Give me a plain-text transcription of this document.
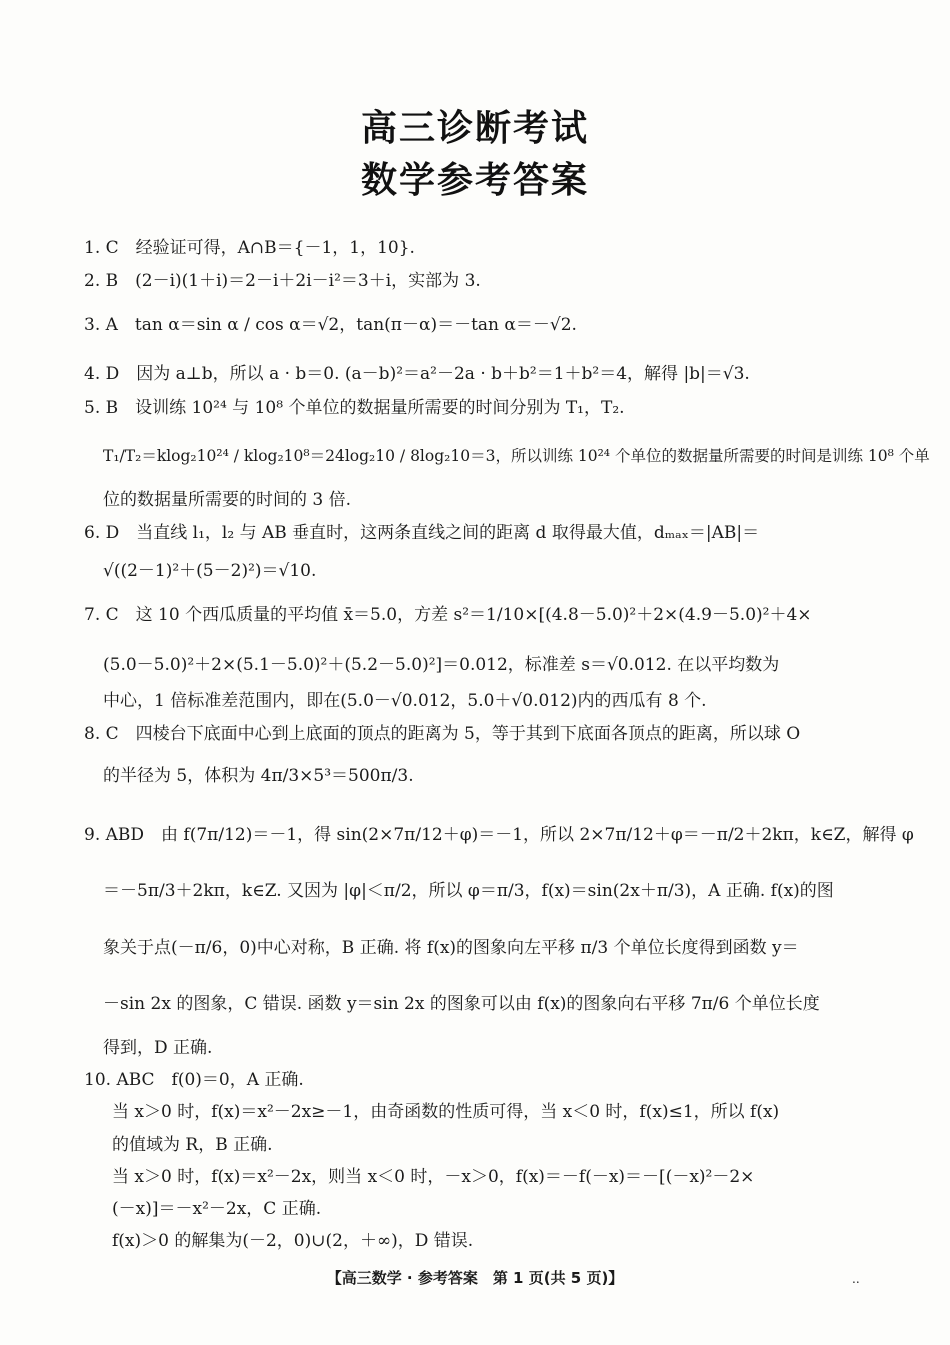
高三诊断考试
数学参考答案
1. C　经验证可得，A∩B＝{－1，1，10}.
2. B　(2－i)(1＋i)＝2－i＋2i－i²＝3＋i，实部为 3.
3. A　tan α＝sin α / cos α＝√2，tan(π－α)＝－tan α＝－√2.
4. D　因为 a⊥b，所以 a · b＝0. (a－b)²＝a²－2a · b＋b²＝1＋b²＝4，解得 |b|＝√3.
5. B　设训练 10²⁴ 与 10⁸ 个单位的数据量所需要的时间分别为 T₁，T₂.
T₁/T₂＝klog₂10²⁴ / klog₂10⁸＝24log₂10 / 8log₂10＝3，所以训练 10²⁴ 个单位的数据量所需要的时间是训练 10⁸ 个单
位的数据量所需要的时间的 3 倍.
6. D　当直线 l₁，l₂ 与 AB 垂直时，这两条直线之间的距离 d 取得最大值，dₘₐₓ＝|AB|＝
√((2－1)²＋(5－2)²)＝√10.
7. C　这 10 个西瓜质量的平均值 x̄＝5.0，方差 s²＝1/10×[(4.8－5.0)²＋2×(4.9－5.0)²＋4×
(5.0－5.0)²＋2×(5.1－5.0)²＋(5.2－5.0)²]＝0.012，标准差 s＝√0.012. 在以平均数为
中心，1 倍标准差范围内，即在(5.0－√0.012，5.0＋√0.012)内的西瓜有 8 个.
8. C　四棱台下底面中心到上底面的顶点的距离为 5，等于其到下底面各顶点的距离，所以球 O
的半径为 5，体积为 4π/3×5³＝500π/3.
9. ABD　由 f(7π/12)＝－1，得 sin(2×7π/12＋φ)＝－1，所以 2×7π/12＋φ＝－π/2＋2kπ，k∈Z，解得 φ
＝－5π/3＋2kπ，k∈Z. 又因为 |φ|＜π/2，所以 φ＝π/3，f(x)＝sin(2x＋π/3)，A 正确. f(x)的图
象关于点(－π/6，0)中心对称，B 正确. 将 f(x)的图象向左平移 π/3 个单位长度得到函数 y＝
－sin 2x 的图象，C 错误. 函数 y＝sin 2x 的图象可以由 f(x)的图象向右平移 7π/6 个单位长度
得到，D 正确.
10. ABC　f(0)＝0，A 正确.
当 x＞0 时，f(x)＝x²－2x≥－1，由奇函数的性质可得，当 x＜0 时，f(x)≤1，所以 f(x)
的值域为 R，B 正确.
当 x＞0 时，f(x)＝x²－2x，则当 x＜0 时，－x＞0，f(x)＝－f(－x)＝－[(－x)²－2×
(－x)]＝－x²－2x，C 正确.
f(x)＞0 的解集为(－2，0)∪(2，＋∞)，D 错误.
【高三数学 · 参考答案　第 1 页(共 5 页)】	..
